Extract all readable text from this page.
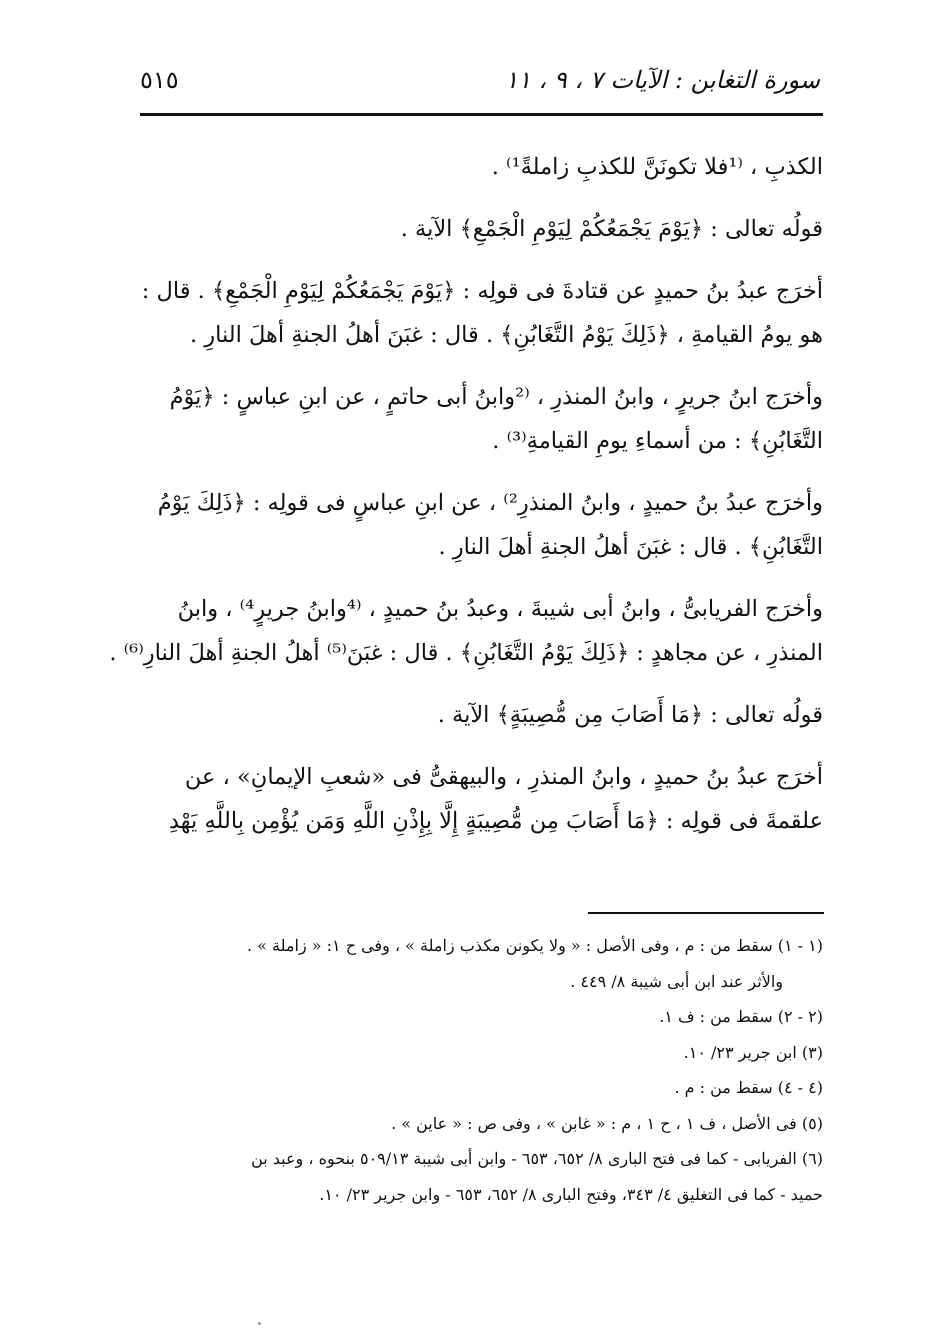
سورة التغابن : الآيات ٧ ، ٩ ، ١١
٥١٥
الكذبِ ، ⁽¹فلا تكونَنَّ للكذبِ زاملةً¹⁾ .
قولُه تعالى : ﴿يَوْمَ يَجْمَعُكُمْ لِيَوْمِ الْجَمْعِ﴾ الآية .
أخرَج عبدُ بنُ حميدٍ عن قتادةَ فى قولِه : ﴿يَوْمَ يَجْمَعُكُمْ لِيَوْمِ الْجَمْعِ﴾ . قال :
هو يومُ القيامةِ ، ﴿ذَلِكَ يَوْمُ التَّغَابُنِ﴾ . قال : غبَنَ أهلُ الجنةِ أهلَ النارِ .
وأخرَج ابنُ جريرٍ ، وابنُ المنذرِ ، ⁽²وابنُ أبى حاتمٍ ، عن ابنِ عباسٍ : ﴿يَوْمُ
التَّغَابُنِ﴾ : من أسماءِ يومِ القيامةِ⁽³⁾ .
وأخرَج عبدُ بنُ حميدٍ ، وابنُ المنذرِ²⁾ ، عن ابنِ عباسٍ فى قولِه : ﴿ذَلِكَ يَوْمُ
التَّغَابُنِ﴾ . قال : غبَنَ أهلُ الجنةِ أهلَ النارِ .
وأخرَج الفريابىُّ ، وابنُ أبى شيبةَ ، وعبدُ بنُ حميدٍ ، ⁽⁴وابنُ جريرٍ⁴⁾ ، وابنُ
المنذرِ ، عن مجاهدٍ : ﴿ذَلِكَ يَوْمُ التَّغَابُنِ﴾ . قال : غبَنَ⁽⁵⁾ أهلُ الجنةِ أهلَ النارِ⁽⁶⁾ .
قولُه تعالى : ﴿مَا أَصَابَ مِن مُّصِيبَةٍ﴾ الآية .
أخرَج عبدُ بنُ حميدٍ ، وابنُ المنذرِ ، والبيهقىُّ فى «شعبِ الإيمانِ» ، عن
علقمةَ فى قولِه : ﴿مَا أَصَابَ مِن مُّصِيبَةٍ إِلَّا بِإِذْنِ اللَّهِ وَمَن يُؤْمِن بِاللَّهِ يَهْدِ
(١ - ١) سقط من : م ، وفى الأصل : « ولا يكونن مكذب زاملة » ، وفى ح ١: « زاملة » .
والأثر عند ابن أبى شيبة ٨/ ٤٤٩ .
(٢ - ٢) سقط من : ف ١.
(٣) ابن جرير ٢٣/ ١٠.
(٤ - ٤) سقط من : م .
(٥) فى الأصل ، ف ١ ، ح ١ ، م : « غابن » ، وفى ص : « عاين » .
(٦) الفريابى - كما فى فتح البارى ٨/ ٦٥٢، ٦٥٣ - وابن أبى شيبة ٥٠٩/١٣ بنحوه ، وعبد بن
حميد - كما فى التغليق ٤/ ٣٤٣، وفتح البارى ٨/ ٦٥٢، ٦٥٣ - وابن جرير ٢٣/ ١٠.
